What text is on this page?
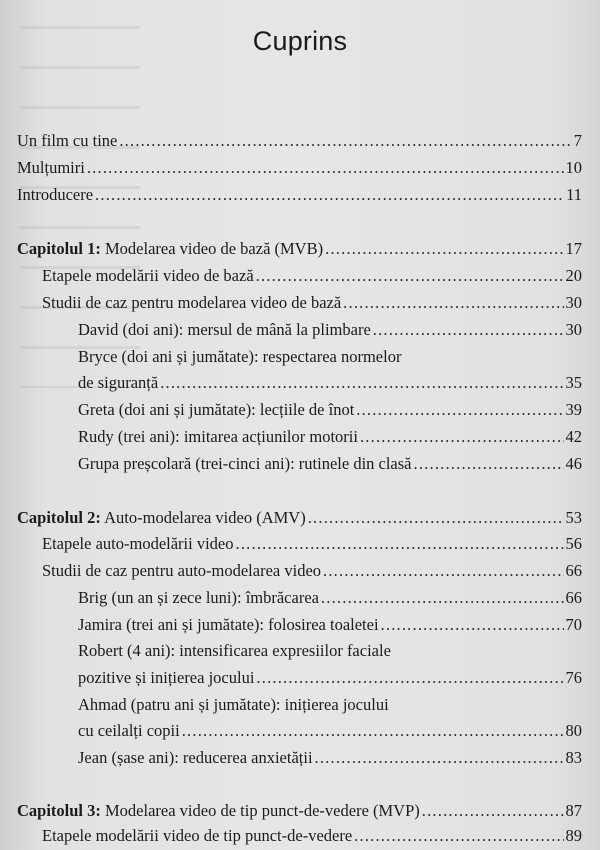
Cuprins
Un film cu tine .....	7
Mulțumiri .....	10
Introducere .....	11
Capitolul 1: Modelarea video de bază (MVB) .....	17
Etapele modelării video de bază .....	20
Studii de caz pentru modelarea video de bază .....	30
David (doi ani): mersul de mână la plimbare .....	30
Bryce (doi ani și jumătate): respectarea normelor
de siguranță .....	35
Greta (doi ani și jumătate): lecțiile de înot .....	39
Rudy (trei ani): imitarea acțiunilor motorii .....	42
Grupa preșcolară (trei-cinci ani): rutinele din clasă .....	46
Capitolul 2: Auto-modelarea video (AMV) .....	53
Etapele auto-modelării video .....	56
Studii de caz pentru auto-modelarea video .....	66
Brig (un an și zece luni): îmbrăcarea .....	66
Jamira (trei ani și jumătate): folosirea toaletei .....	70
Robert (4 ani): intensificarea expresiilor faciale
pozitive și inițierea jocului .....	76
Ahmad (patru ani și jumătate): inițierea jocului
cu ceilalți copii .....	80
Jean (șase ani): reducerea anxietății .....	83
Capitolul 3: Modelarea video de tip punct-de-vedere (MVP) .....	87
Etapele modelării video de tip punct-de-vedere .....	89
